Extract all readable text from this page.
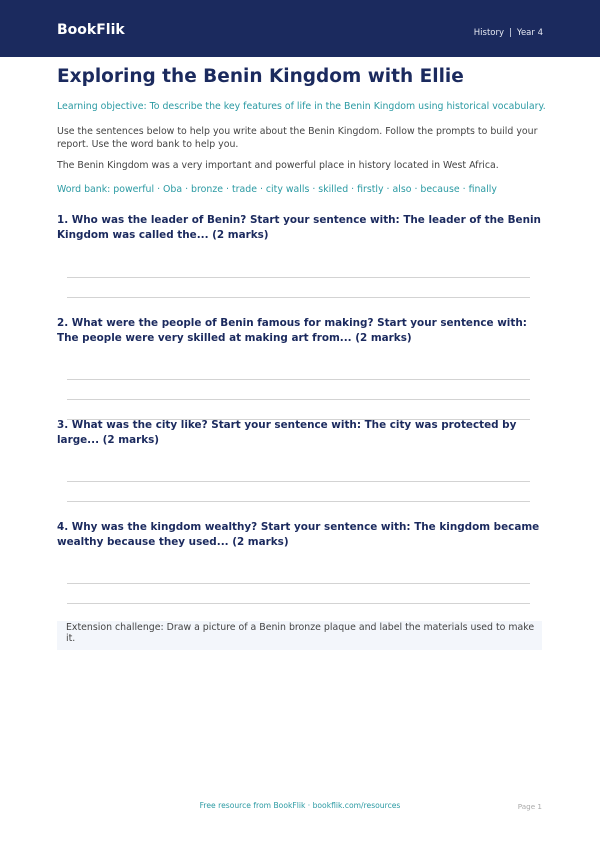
BookFlik	History | Year 4
Exploring the Benin Kingdom with Ellie
Learning objective: To describe the key features of life in the Benin Kingdom using historical vocabulary.
Use the sentences below to help you write about the Benin Kingdom. Follow the prompts to build your report. Use the word bank to help you.
The Benin Kingdom was a very important and powerful place in history located in West Africa.
Word bank: powerful · Oba · bronze · trade · city walls · skilled · firstly · also · because · finally
1. Who was the leader of Benin? Start your sentence with: The leader of the Benin Kingdom was called the... (2 marks)
2. What were the people of Benin famous for making? Start your sentence with: The people were very skilled at making art from... (2 marks)
3. What was the city like? Start your sentence with: The city was protected by large... (2 marks)
4. Why was the kingdom wealthy? Start your sentence with: The kingdom became wealthy because they used... (2 marks)
Extension challenge: Draw a picture of a Benin bronze plaque and label the materials used to make it.
Free resource from BookFlik · bookflik.com/resources	Page 1
